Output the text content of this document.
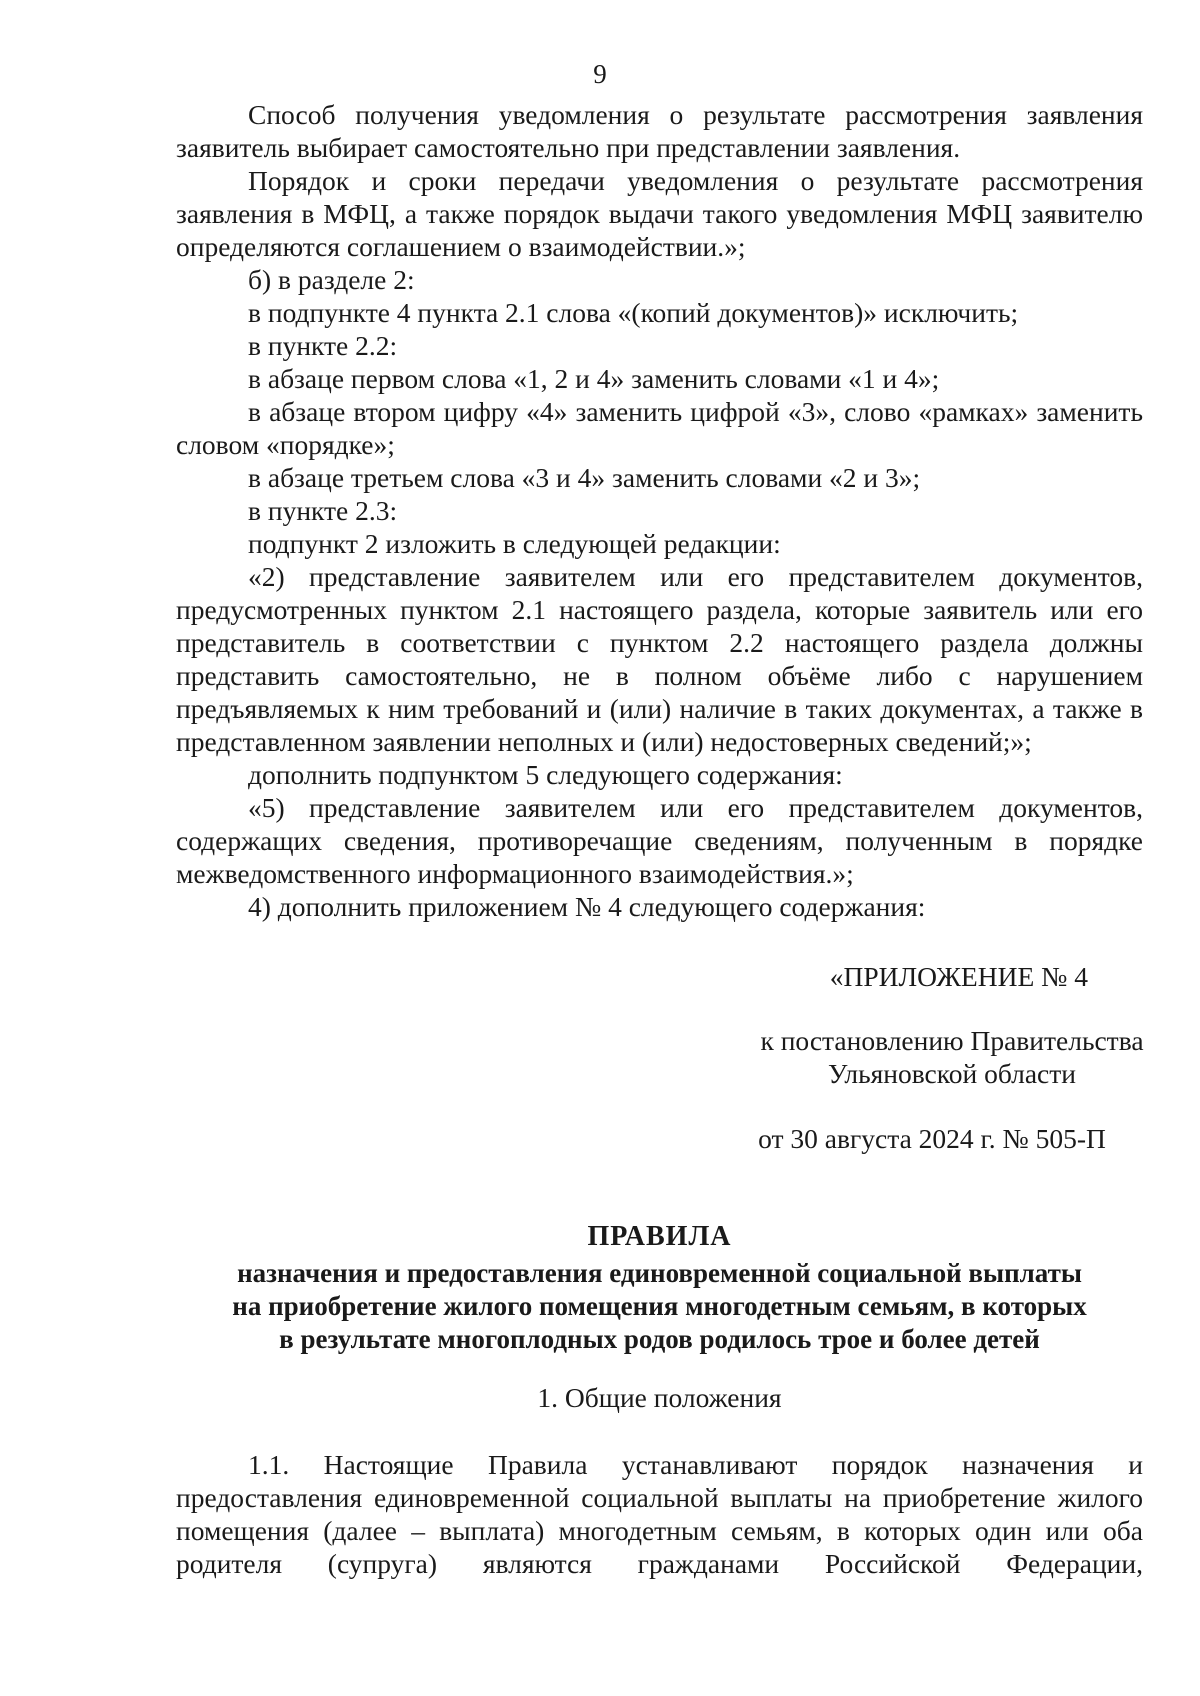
9

Способ получения уведомления о результате рассмотрения заявления заявитель выбирает самостоятельно при представлении заявления.

Порядок и сроки передачи уведомления о результате рассмотрения заявления в МФЦ, а также порядок выдачи такого уведомления МФЦ заявителю определяются соглашением о взаимодействии.»;

б) в разделе 2:

в подпункте 4 пункта 2.1 слова «(копий документов)» исключить;

в пункте 2.2:

в абзаце первом слова «1, 2 и 4» заменить словами «1 и 4»;

в абзаце втором цифру «4» заменить цифрой «3», слово «рамках» заменить словом «порядке»;

в абзаце третьем слова «3 и 4» заменить словами «2 и 3»;

в пункте 2.3:

подпункт 2 изложить в следующей редакции:

«2) представление заявителем или его представителем документов, предусмотренных пунктом 2.1 настоящего раздела, которые заявитель или его представитель в соответствии с пунктом 2.2 настоящего раздела должны представить самостоятельно, не в полном объёме либо с нарушением предъявляемых к ним требований и (или) наличие в таких документах, а также в представленном заявлении неполных и (или) недостоверных сведений;»;

дополнить подпунктом 5 следующего содержания:

«5) представление заявителем или его представителем документов, содержащих сведения, противоречащие сведениям, полученным в порядке межведомственного информационного взаимодействия.»;

4) дополнить приложением № 4 следующего содержания:

«ПРИЛОЖЕНИЕ № 4
к постановлению Правительства
Ульяновской области
от 30 августа 2024 г. № 505-П
ПРАВИЛА
назначения и предоставления единовременной социальной выплаты
на приобретение жилого помещения многодетным семьям, в которых
в результате многоплодных родов родилось трое и более детей
1. Общие положения

1.1. Настоящие Правила устанавливают порядок назначения и предоставления единовременной социальной выплаты на приобретение жилого помещения (далее – выплата) многодетным семьям, в которых один или оба родителя (супруга) являются гражданами Российской Федерации,
